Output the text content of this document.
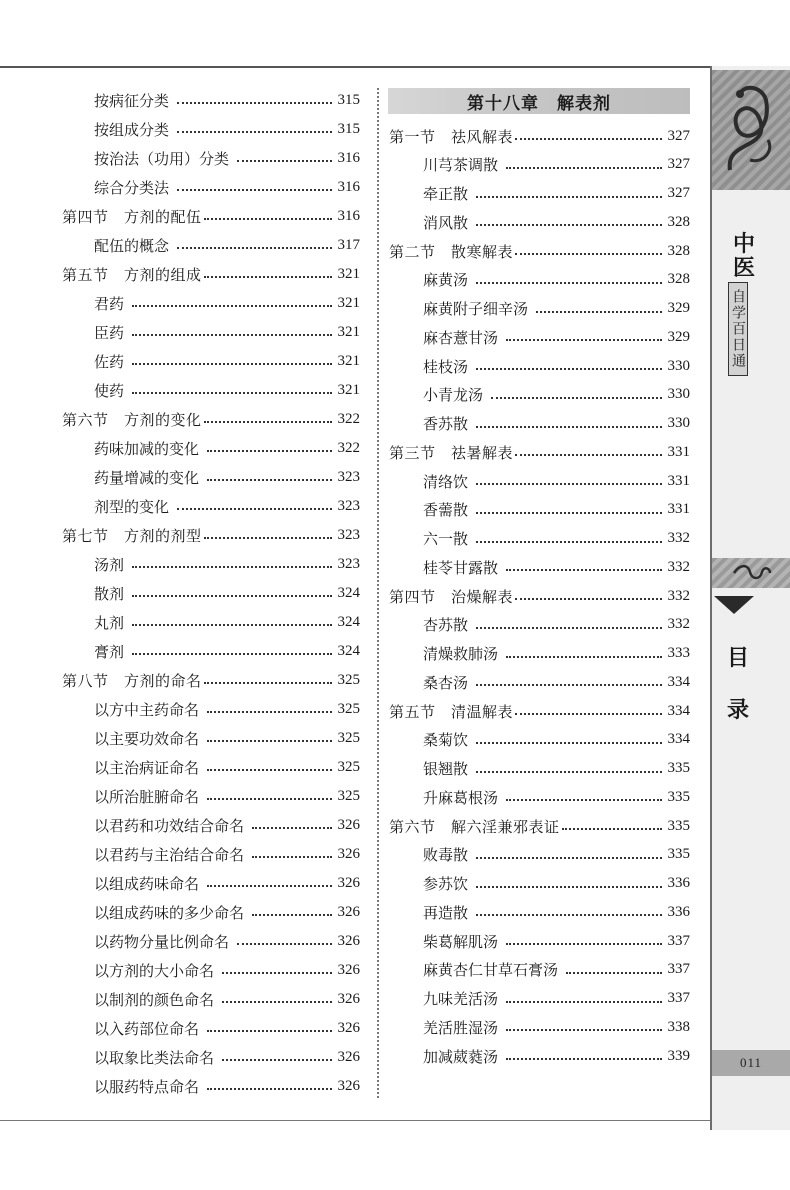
按病征分类	315
按组成分类	315
按治法（功用）分类	316
综合分类法	316
第四节　方剂的配伍	316
配伍的概念	317
第五节　方剂的组成	321
君药	321
臣药	321
佐药	321
使药	321
第六节　方剂的变化	322
药味加减的变化	322
药量增减的变化	323
剂型的变化	323
第七节　方剂的剂型	323
汤剂	323
散剂	324
丸剂	324
膏剂	324
第八节　方剂的命名	325
以方中主药命名	325
以主要功效命名	325
以主治病证命名	325
以所治脏腑命名	325
以君药和功效结合命名	326
以君药与主治结合命名	326
以组成药味命名	326
以组成药味的多少命名	326
以药物分量比例命名	326
以方剂的大小命名	326
以制剂的颜色命名	326
以入药部位命名	326
以取象比类法命名	326
以服药特点命名	326
第十八章　解表剂
第一节　祛风解表	327
川芎茶调散	327
牵正散	327
消风散	328
第二节　散寒解表	328
麻黄汤	328
麻黄附子细辛汤	329
麻杏薏甘汤	329
桂枝汤	330
小青龙汤	330
香苏散	330
第三节　祛暑解表	331
清络饮	331
香薷散	331
六一散	332
桂苓甘露散	332
第四节　治燥解表	332
杏苏散	332
清燥救肺汤	333
桑杏汤	334
第五节　清温解表	334
桑菊饮	334
银翘散	335
升麻葛根汤	335
第六节　解六淫兼邪表证	335
败毒散	335
参苏饮	336
再造散	336
柴葛解肌汤	337
麻黄杏仁甘草石膏汤	337
九味羌活汤	337
羌活胜湿汤	338
加减葳蕤汤	339
中医
自学百日通
目
录
011
